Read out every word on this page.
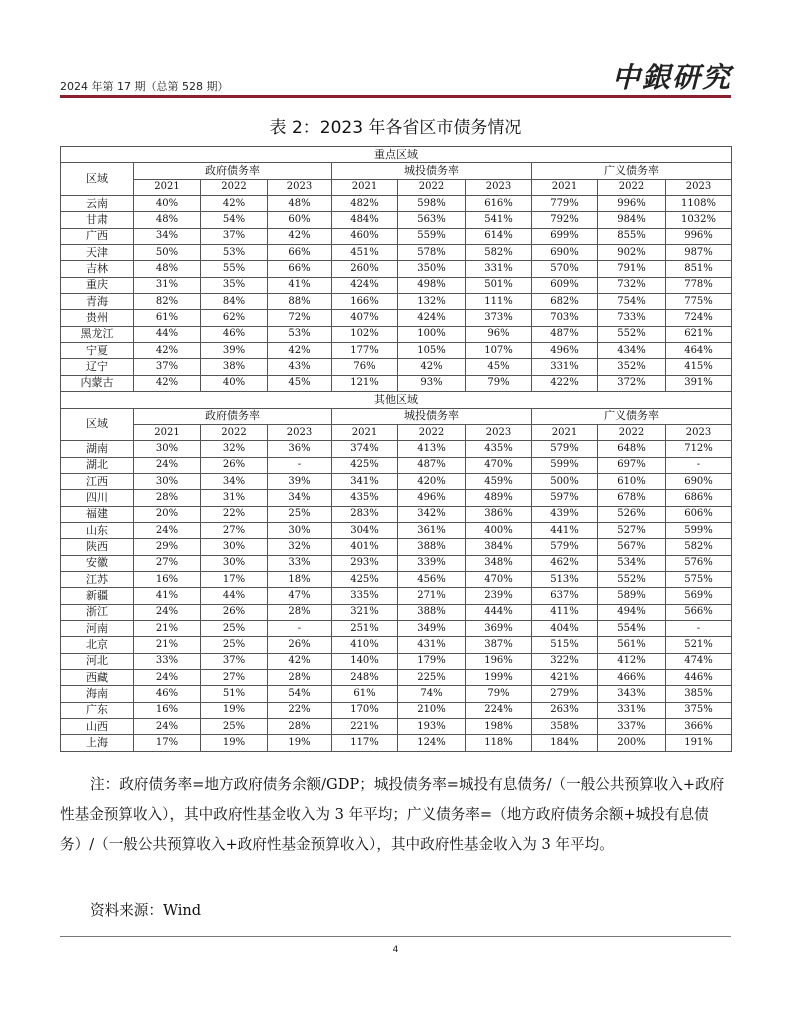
2024 年第 17 期（总第 528 期）	中銀研究
表 2：2023 年各省区市债务情况
重点区域									
区域	政府债务率			城投债务率			广义债务率		
	2021	2022	2023	2021	2022	2023	2021	2022	2023
云南	40%	42%	48%	482%	598%	616%	779%	996%	1108%
甘肃	48%	54%	60%	484%	563%	541%	792%	984%	1032%
广西	34%	37%	42%	460%	559%	614%	699%	855%	996%
天津	50%	53%	66%	451%	578%	582%	690%	902%	987%
吉林	48%	55%	66%	260%	350%	331%	570%	791%	851%
重庆	31%	35%	41%	424%	498%	501%	609%	732%	778%
青海	82%	84%	88%	166%	132%	111%	682%	754%	775%
贵州	61%	62%	72%	407%	424%	373%	703%	733%	724%
黑龙江	44%	46%	53%	102%	100%	96%	487%	552%	621%
宁夏	42%	39%	42%	177%	105%	107%	496%	434%	464%
辽宁	37%	38%	43%	76%	42%	45%	331%	352%	415%
内蒙古	42%	40%	45%	121%	93%	79%	422%	372%	391%
其他区域									
区域	政府债务率			城投债务率			广义债务率		
	2021	2022	2023	2021	2022	2023	2021	2022	2023
湖南	30%	32%	36%	374%	413%	435%	579%	648%	712%
湖北	24%	26%	-	425%	487%	470%	599%	697%	-
江西	30%	34%	39%	341%	420%	459%	500%	610%	690%
四川	28%	31%	34%	435%	496%	489%	597%	678%	686%
福建	20%	22%	25%	283%	342%	386%	439%	526%	606%
山东	24%	27%	30%	304%	361%	400%	441%	527%	599%
陕西	29%	30%	32%	401%	388%	384%	579%	567%	582%
安徽	27%	30%	33%	293%	339%	348%	462%	534%	576%
江苏	16%	17%	18%	425%	456%	470%	513%	552%	575%
新疆	41%	44%	47%	335%	271%	239%	637%	589%	569%
浙江	24%	26%	28%	321%	388%	444%	411%	494%	566%
河南	21%	25%	-	251%	349%	369%	404%	554%	-
北京	21%	25%	26%	410%	431%	387%	515%	561%	521%
河北	33%	37%	42%	140%	179%	196%	322%	412%	474%
西藏	24%	27%	28%	248%	225%	199%	421%	466%	446%
海南	46%	51%	54%	61%	74%	79%	279%	343%	385%
广东	16%	19%	22%	170%	210%	224%	263%	331%	375%
山西	24%	25%	28%	221%	193%	198%	358%	337%	366%
上海	17%	19%	19%	117%	124%	118%	184%	200%	191%
注：政府债务率=地方政府债务余额/GDP；城投债务率=城投有息债务/（一般公共预算收入+政府性基金预算收入），其中政府性基金收入为 3 年平均；广义债务率=（地方政府债务余额+城投有息债务）/（一般公共预算收入+政府性基金预算收入），其中政府性基金收入为 3 年平均。
资料来源：Wind
4
